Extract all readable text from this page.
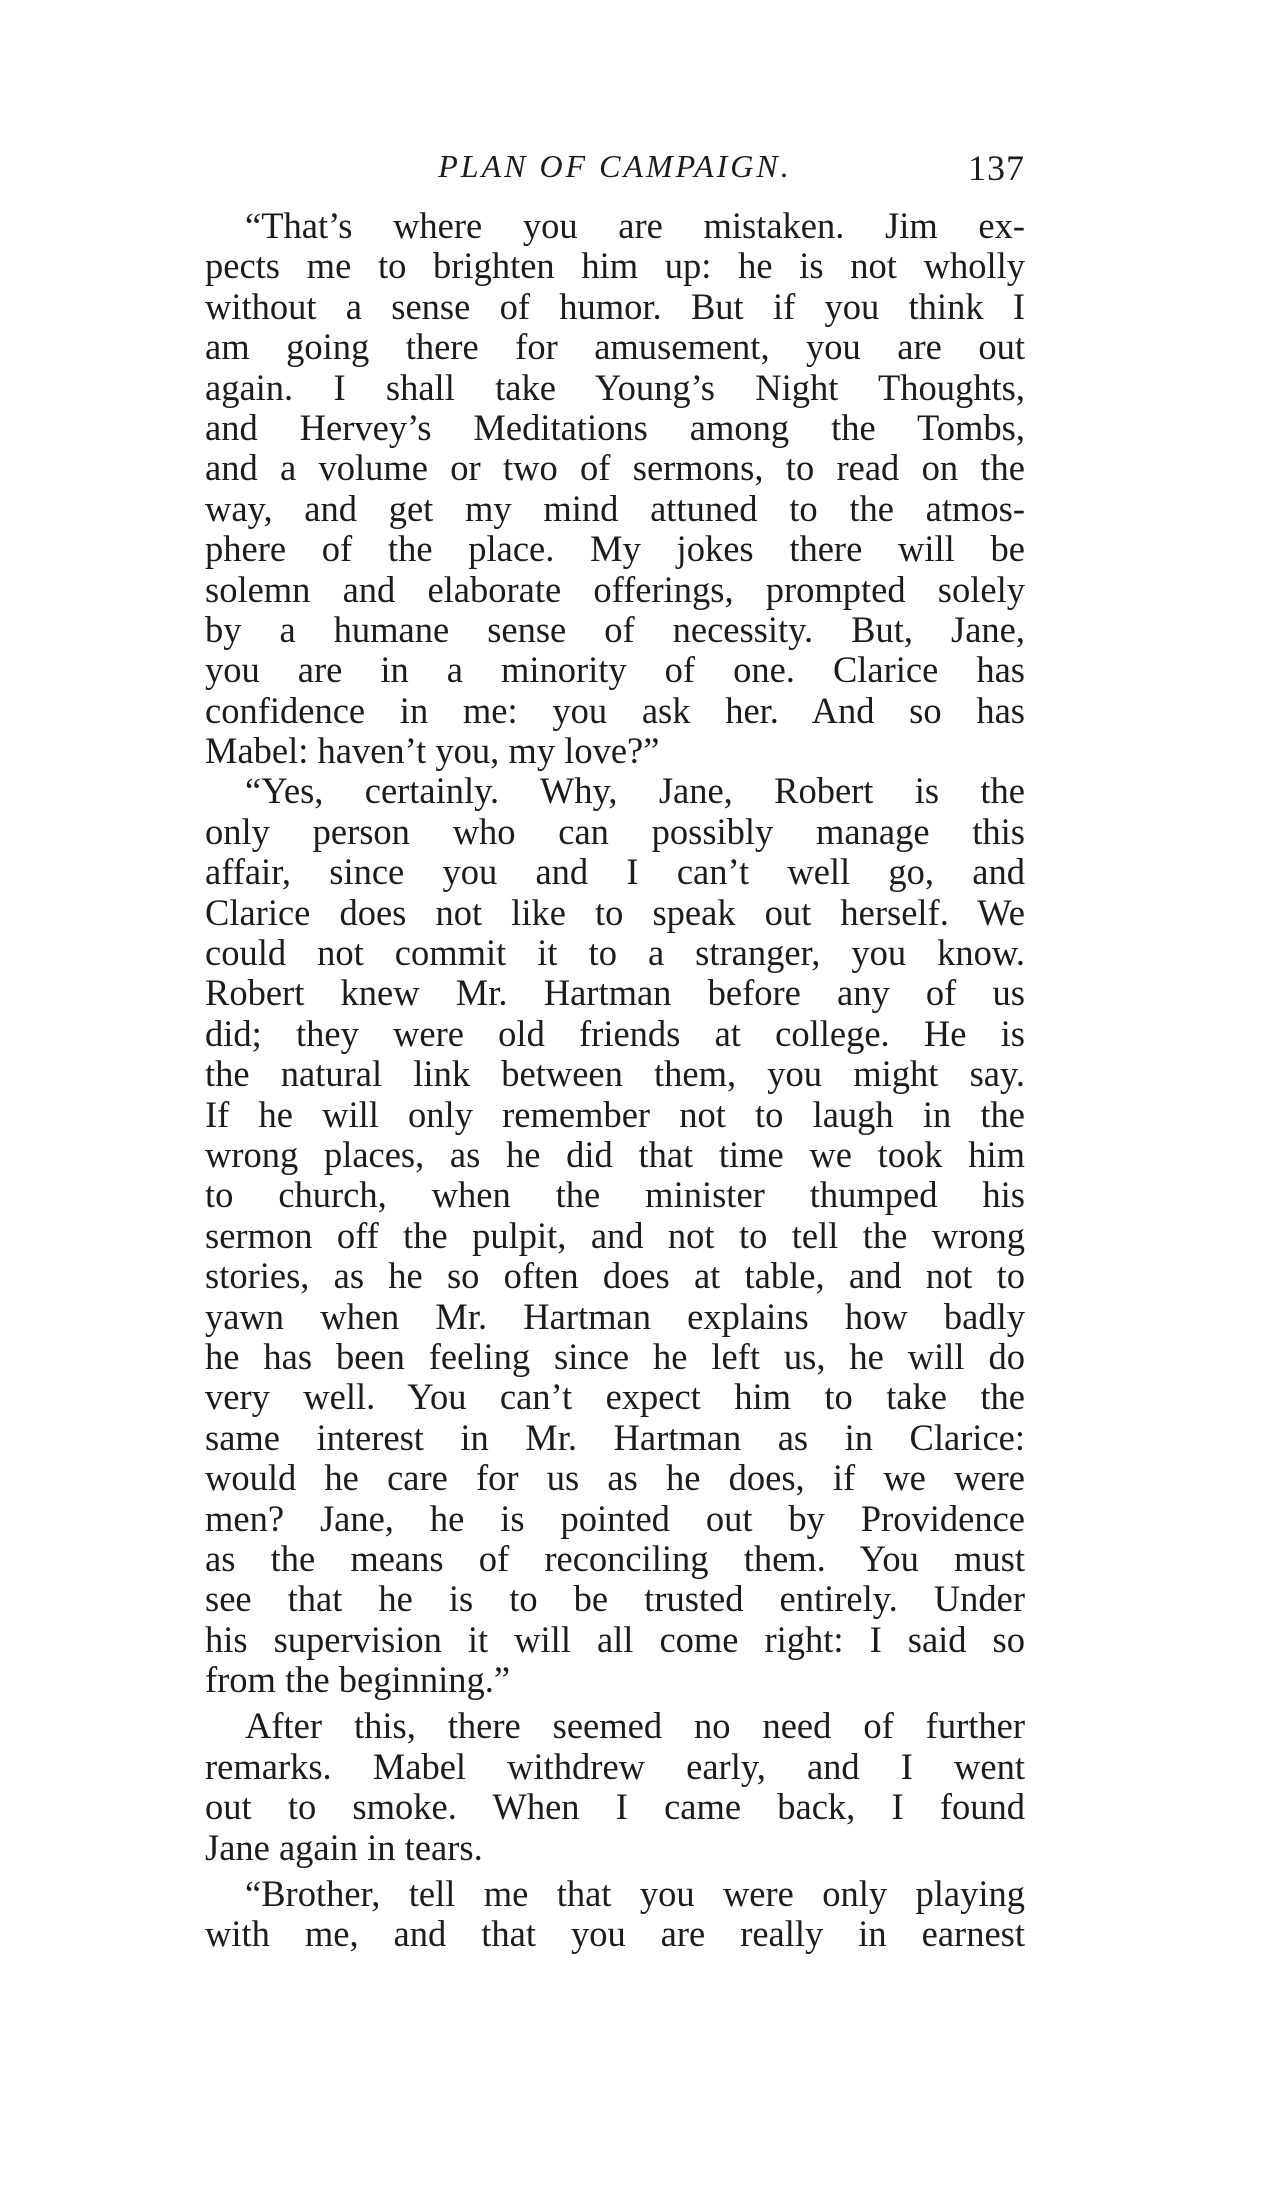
PLAN OF CAMPAIGN.	137
“That’s where you are mistaken. Jim ex-
pects me to brighten him up: he is not wholly
without a sense of humor. But if you think I
am going there for amusement, you are out
again. I shall take Young’s Night Thoughts,
and Hervey’s Meditations among the Tombs,
and a volume or two of sermons, to read on the
way, and get my mind attuned to the atmos-
phere of the place. My jokes there will be
solemn and elaborate offerings, prompted solely
by a humane sense of necessity. But, Jane,
you are in a minority of one. Clarice has
confidence in me: you ask her. And so has
Mabel: haven’t you, my love?”
“Yes, certainly. Why, Jane, Robert is the
only person who can possibly manage this
affair, since you and I can’t well go, and
Clarice does not like to speak out herself. We
could not commit it to a stranger, you know.
Robert knew Mr. Hartman before any of us
did; they were old friends at college. He is
the natural link between them, you might say.
If he will only remember not to laugh in the
wrong places, as he did that time we took him
to church, when the minister thumped his
sermon off the pulpit, and not to tell the wrong
stories, as he so often does at table, and not to
yawn when Mr. Hartman explains how badly
he has been feeling since he left us, he will do
very well. You can’t expect him to take the
same interest in Mr. Hartman as in Clarice:
would he care for us as he does, if we were
men? Jane, he is pointed out by Providence
as the means of reconciling them. You must
see that he is to be trusted entirely. Under
his supervision it will all come right: I said so
from the beginning.”
After this, there seemed no need of further
remarks. Mabel withdrew early, and I went
out to smoke. When I came back, I found
Jane again in tears.
“Brother, tell me that you were only playing
with me, and that you are really in earnest
